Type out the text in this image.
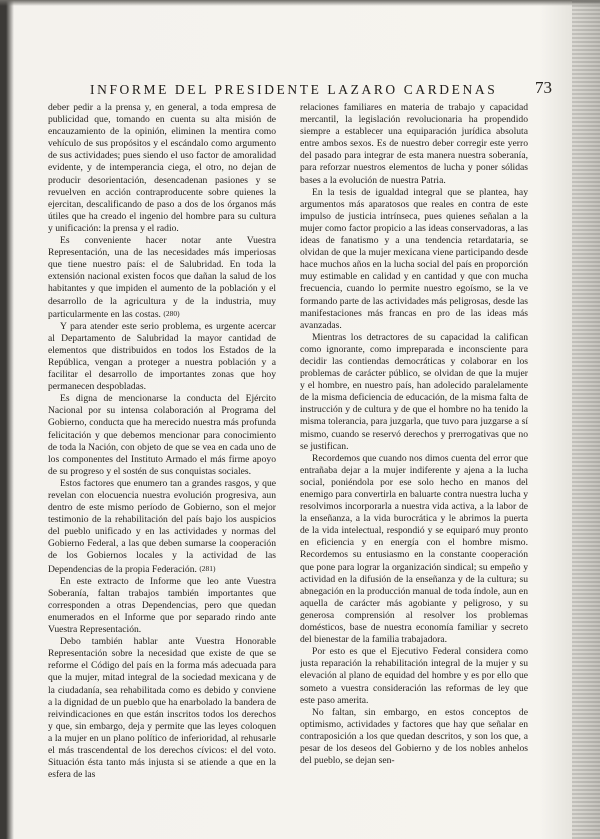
INFORME DEL PRESIDENTE LAZARO CARDENAS 73

deber pedir a la prensa y, en general, a toda empresa de publicidad que, tomando en cuenta su alta misión de encauzamiento de la opinión, eliminen la mentira como vehículo de sus propósitos y el escándalo como argumento de sus actividades; pues siendo el uso factor de amoralidad evidente, y de intemperancia ciega, el otro, no dejan de producir desorientación, desencadenan pasiones y se revuelven en acción contraproducente sobre quienes la ejercitan, descalificando de paso a dos de los órganos más útiles que ha creado el ingenio del hombre para su cultura y unificación: la prensa y el radio.

Es conveniente hacer notar ante Vuestra Representación, una de las necesidades más imperiosas que tiene nuestro país: el de Salubridad. En toda la extensión nacional existen focos que dañan la salud de los habitantes y que impiden el aumento de la población y el desarrollo de la agricultura y de la industria, muy particularmente en las costas. (280)

Y para atender este serio problema, es urgente acercar al Departamento de Salubridad la mayor cantidad de elementos que distribuidos en todos los Estados de la República, vengan a proteger a nuestra población y a facilitar el desarrollo de importantes zonas que hoy permanecen despobladas.

Es digna de mencionarse la conducta del Ejército Nacional por su intensa colaboración al Programa del Gobierno, conducta que ha merecido nuestra más profunda felicitación y que debemos mencionar para conocimiento de toda la Nación, con objeto de que se vea en cada uno de los componentes del Instituto Armado el más firme apoyo de su progreso y el sostén de sus conquistas sociales.

Estos factores que enumero tan a grandes rasgos, y que revelan con elocuencia nuestra evolución progresiva, aun dentro de este mismo período de Gobierno, son el mejor testimonio de la rehabilitación del país bajo los auspicios del pueblo unificado y en las actividades y normas del Gobierno Federal, a las que deben sumarse la cooperación de los Gobiernos locales y la actividad de las Dependencias de la propia Federación. (281)

En este extracto de Informe que leo ante Vuestra Soberanía, faltan trabajos también importantes que corresponden a otras Dependencias, pero que quedan enumerados en el Informe que por separado rindo ante Vuestra Representación.

Debo también hablar ante Vuestra Honorable Representación sobre la necesidad que existe de que se reforme el Código del país en la forma más adecuada para que la mujer, mitad integral de la sociedad mexicana y de la ciudadanía, sea rehabilitada como es debido y conviene a la dignidad de un pueblo que ha enarbolado la bandera de reivindicaciones en que están inscritos todos los derechos y que, sin embargo, deja y permite que las leyes coloquen a la mujer en un plano político de inferioridad, al rehusarle el más trascendental de los derechos cívicos: el del voto. Situación ésta tanto más injusta si se atiende a que en la esfera de las

relaciones familiares en materia de trabajo y capacidad mercantil, la legislación revolucionaria ha propendido siempre a establecer una equiparación jurídica absoluta entre ambos sexos. Es de nuestro deber corregir este yerro del pasado para integrar de esta manera nuestra soberanía, para reforzar nuestros elementos de lucha y poner sólidas bases a la evolución de nuestra Patria.

En la tesis de igualdad integral que se plantea, hay argumentos más aparatosos que reales en contra de este impulso de justicia intrínseca, pues quienes señalan a la mujer como factor propicio a las ideas conservadoras, a las ideas de fanatismo y a una tendencia retardataria, se olvidan de que la mujer mexicana viene participando desde hace muchos años en la lucha social del país en proporción muy estimable en calidad y en cantidad y que con mucha frecuencia, cuando lo permite nuestro egoísmo, se la ve formando parte de las actividades más peligrosas, desde las manifestaciones más francas en pro de las ideas más avanzadas.

Mientras los detractores de su capacidad la califican como ignorante, como impreparada e inconsciente para decidir las contiendas democráticas y colaborar en los problemas de carácter público, se olvidan de que la mujer y el hombre, en nuestro país, han adolecido paralelamente de la misma deficiencia de educación, de la misma falta de instrucción y de cultura y de que el hombre no ha tenido la misma tolerancia, para juzgarla, que tuvo para juzgarse a sí mismo, cuando se reservó derechos y prerrogativas que no se justifican.

Recordemos que cuando nos dimos cuenta del error que entrañaba dejar a la mujer indiferente y ajena a la lucha social, poniéndola por ese solo hecho en manos del enemigo para convertirla en baluarte contra nuestra lucha y resolvimos incorporarla a nuestra vida activa, a la labor de la enseñanza, a la vida burocrática y le abrimos la puerta de la vida intelectual, respondió y se equiparó muy pronto en eficiencia y en energía con el hombre mismo. Recordemos su entusiasmo en la constante cooperación que pone para lograr la organización sindical; su empeño y actividad en la difusión de la enseñanza y de la cultura; su abnegación en la producción manual de toda índole, aun en aquella de carácter más agobiante y peligroso, y su generosa comprensión al resolver los problemas domésticos, base de nuestra economía familiar y secreto del bienestar de la familia trabajadora.

Por esto es que el Ejecutivo Federal considera como justa reparación la rehabilitación integral de la mujer y su elevación al plano de equidad del hombre y es por ello que someto a vuestra consideración las reformas de ley que este paso amerita.

No faltan, sin embargo, en estos conceptos de optimismo, actividades y factores que hay que señalar en contraposición a los que quedan descritos, y son los que, a pesar de los deseos del Gobierno y de los nobles anhelos del pueblo, se dejan sen-
